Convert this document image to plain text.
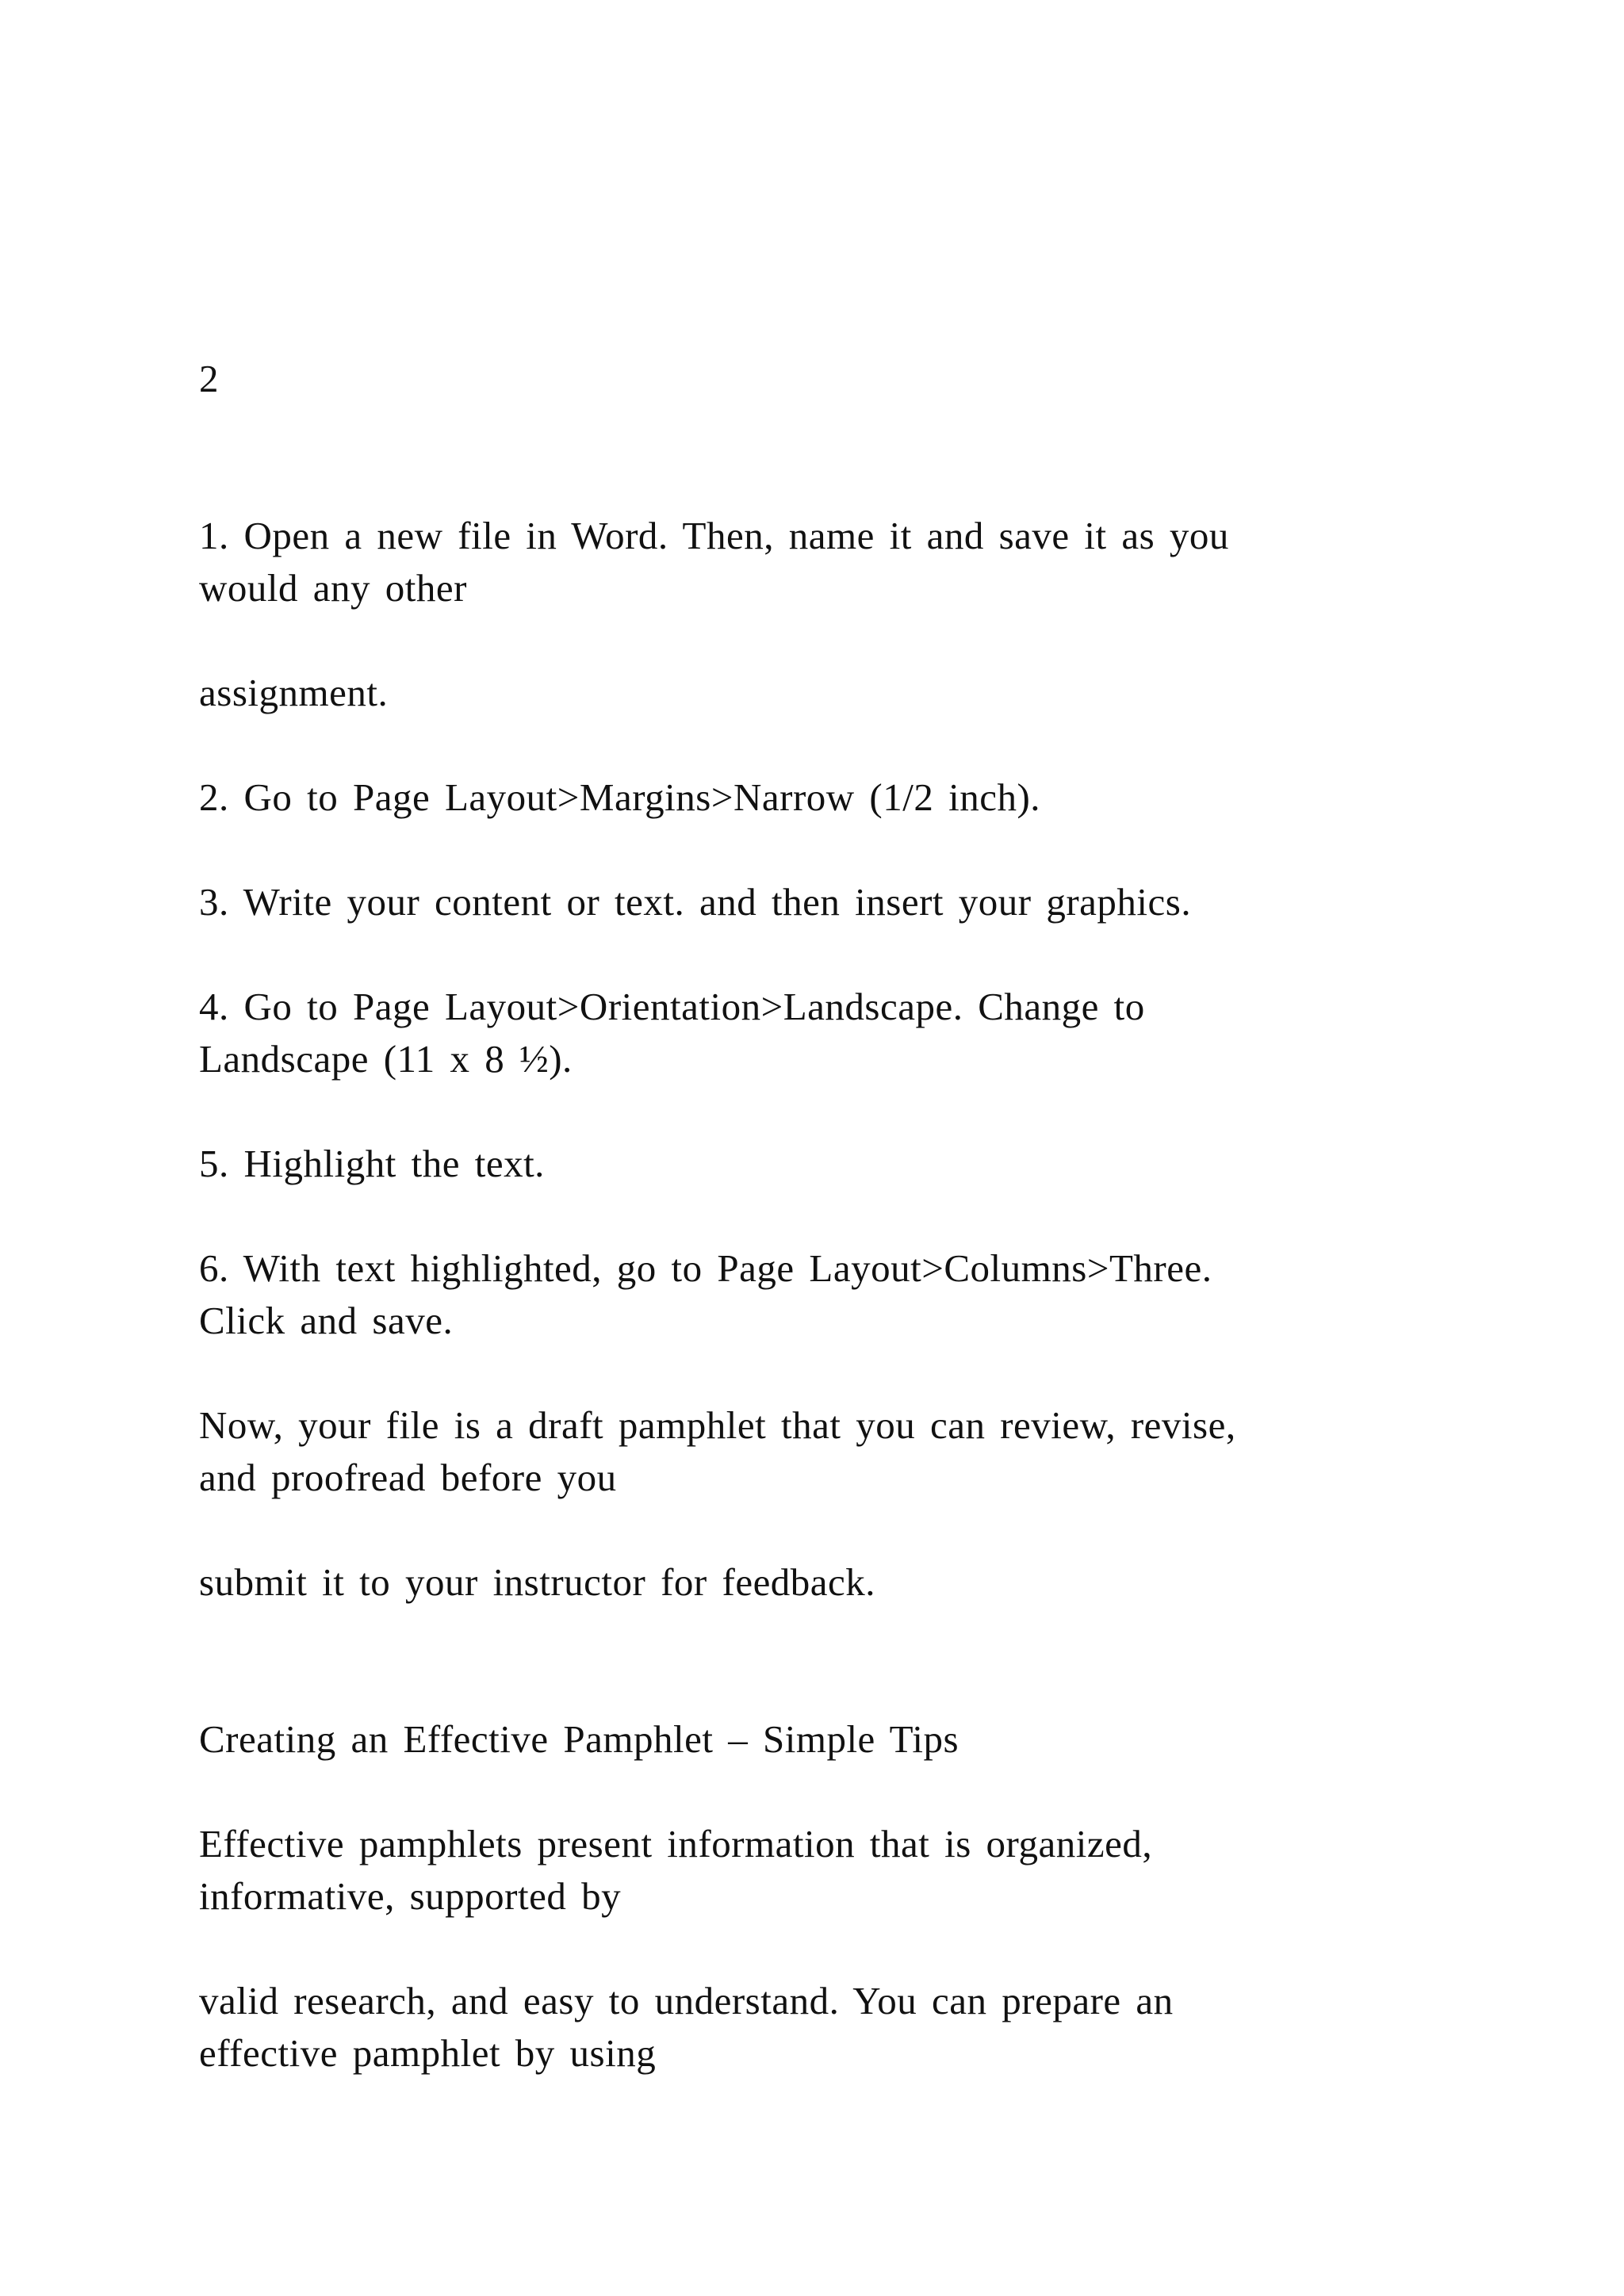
2
1. Open a new file in Word. Then, name it and save it as you
would any other
assignment.
2. Go to Page Layout>Margins>Narrow (1/2 inch).
3. Write your content or text. and then insert your graphics.
4. Go to Page Layout>Orientation>Landscape. Change to
Landscape (11 x 8 ½).
5. Highlight the text.
6. With text highlighted, go to Page Layout>Columns>Three.
Click and save.
Now, your file is a draft pamphlet that you can review, revise,
and proofread before you
submit it to your instructor for feedback.
Creating an Effective Pamphlet – Simple Tips
Effective pamphlets present information that is organized,
informative, supported by
valid research, and easy to understand. You can prepare an
effective pamphlet by using
